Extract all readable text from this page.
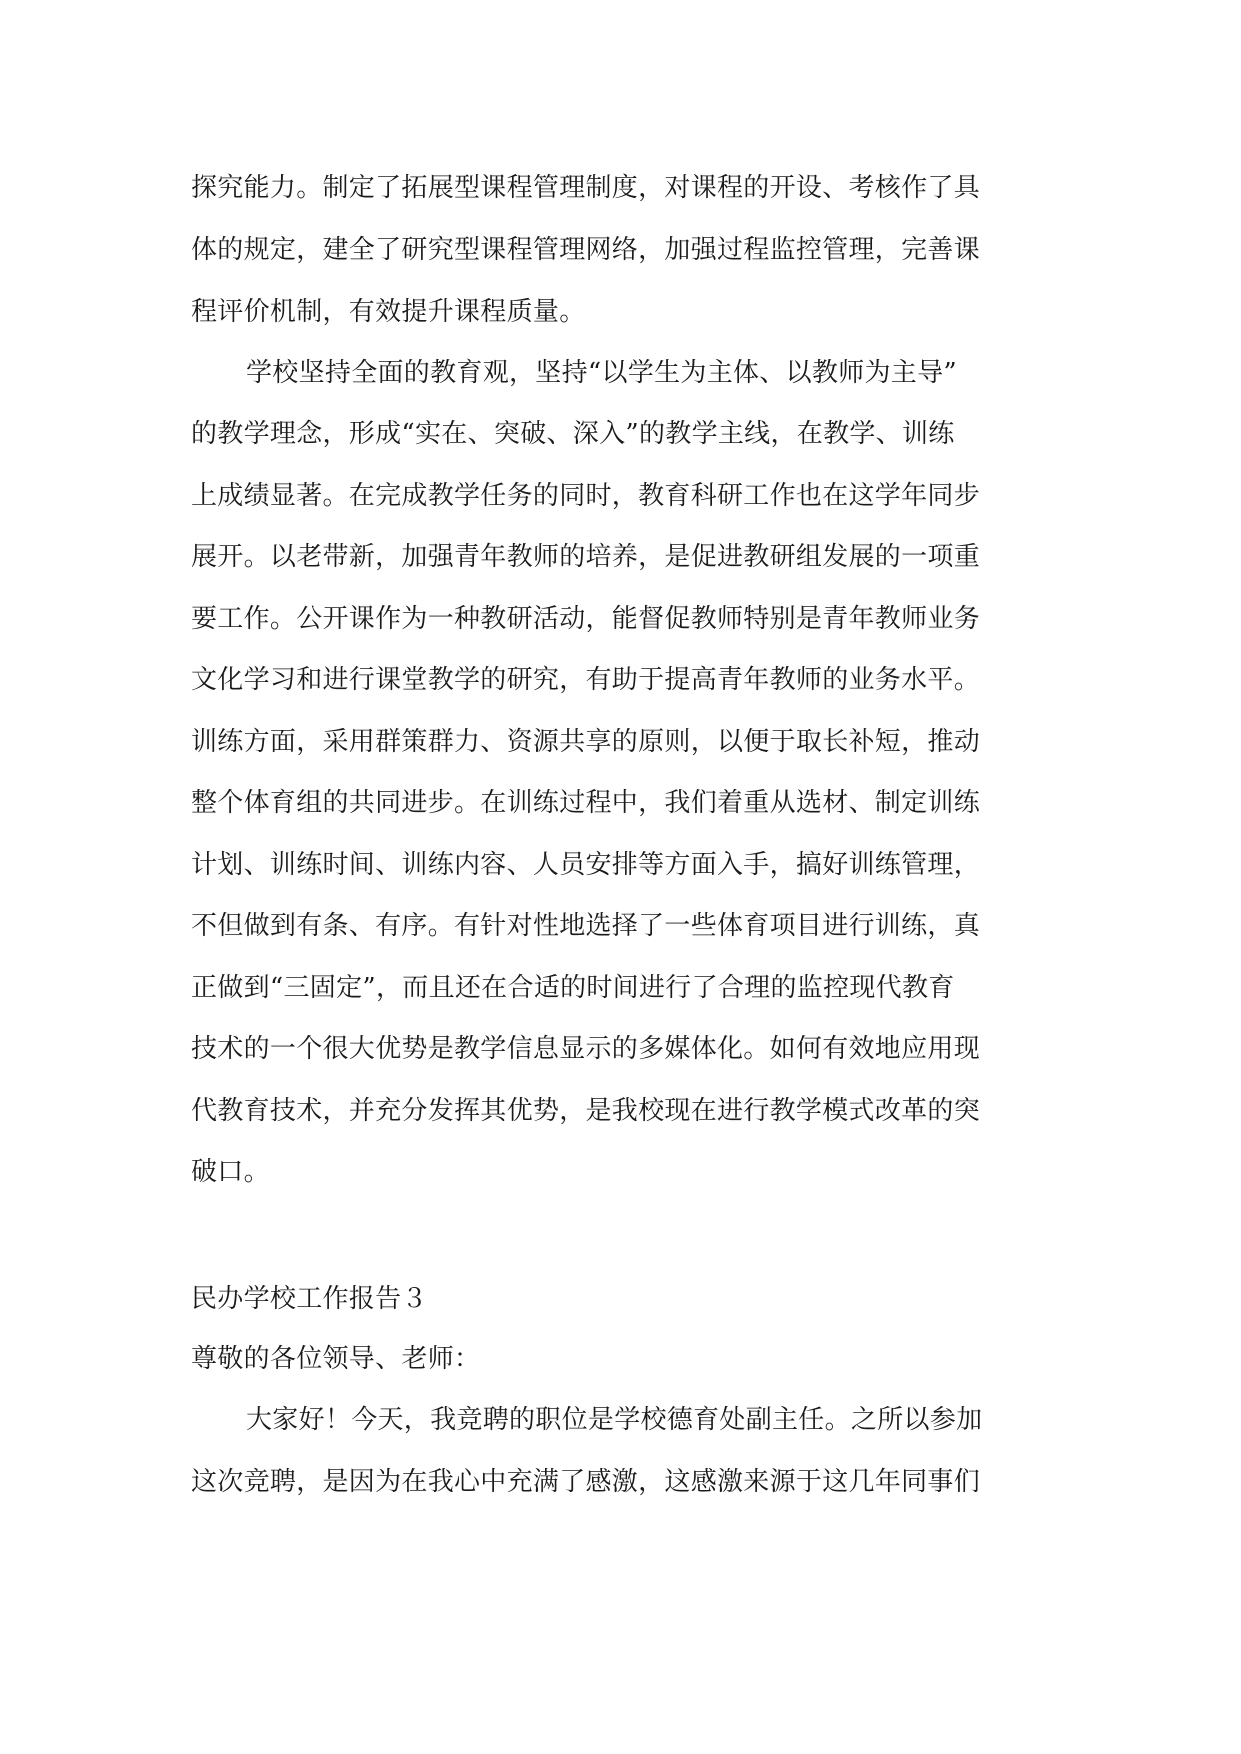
探究能力。制定了拓展型课程管理制度，对课程的开设、考核作了具
体的规定，建全了研究型课程管理网络，加强过程监控管理，完善课
程评价机制，有效提升课程质量。
学校坚持全面的教育观，坚持“以学生为主体、以教师为主导”
的教学理念，形成“实在、突破、深入”的教学主线，在教学、训练
上成绩显著。在完成教学任务的同时，教育科研工作也在这学年同步
展开。以老带新，加强青年教师的培养，是促进教研组发展的一项重
要工作。公开课作为一种教研活动，能督促教师特别是青年教师业务
文化学习和进行课堂教学的研究，有助于提高青年教师的业务水平。
训练方面，采用群策群力、资源共享的原则，以便于取长补短，推动
整个体育组的共同进步。在训练过程中，我们着重从选材、制定训练
计划、训练时间、训练内容、人员安排等方面入手，搞好训练管理，
不但做到有条、有序。有针对性地选择了一些体育项目进行训练，真
正做到“三固定”，而且还在合适的时间进行了合理的监控现代教育
技术的一个很大优势是教学信息显示的多媒体化。如何有效地应用现
代教育技术，并充分发挥其优势，是我校现在进行教学模式改革的突
破口。
民办学校工作报告３
尊敬的各位领导、老师：
大家好！今天，我竞聘的职位是学校德育处副主任。之所以参加
这次竞聘，是因为在我心中充满了感激，这感激来源于这几年同事们
